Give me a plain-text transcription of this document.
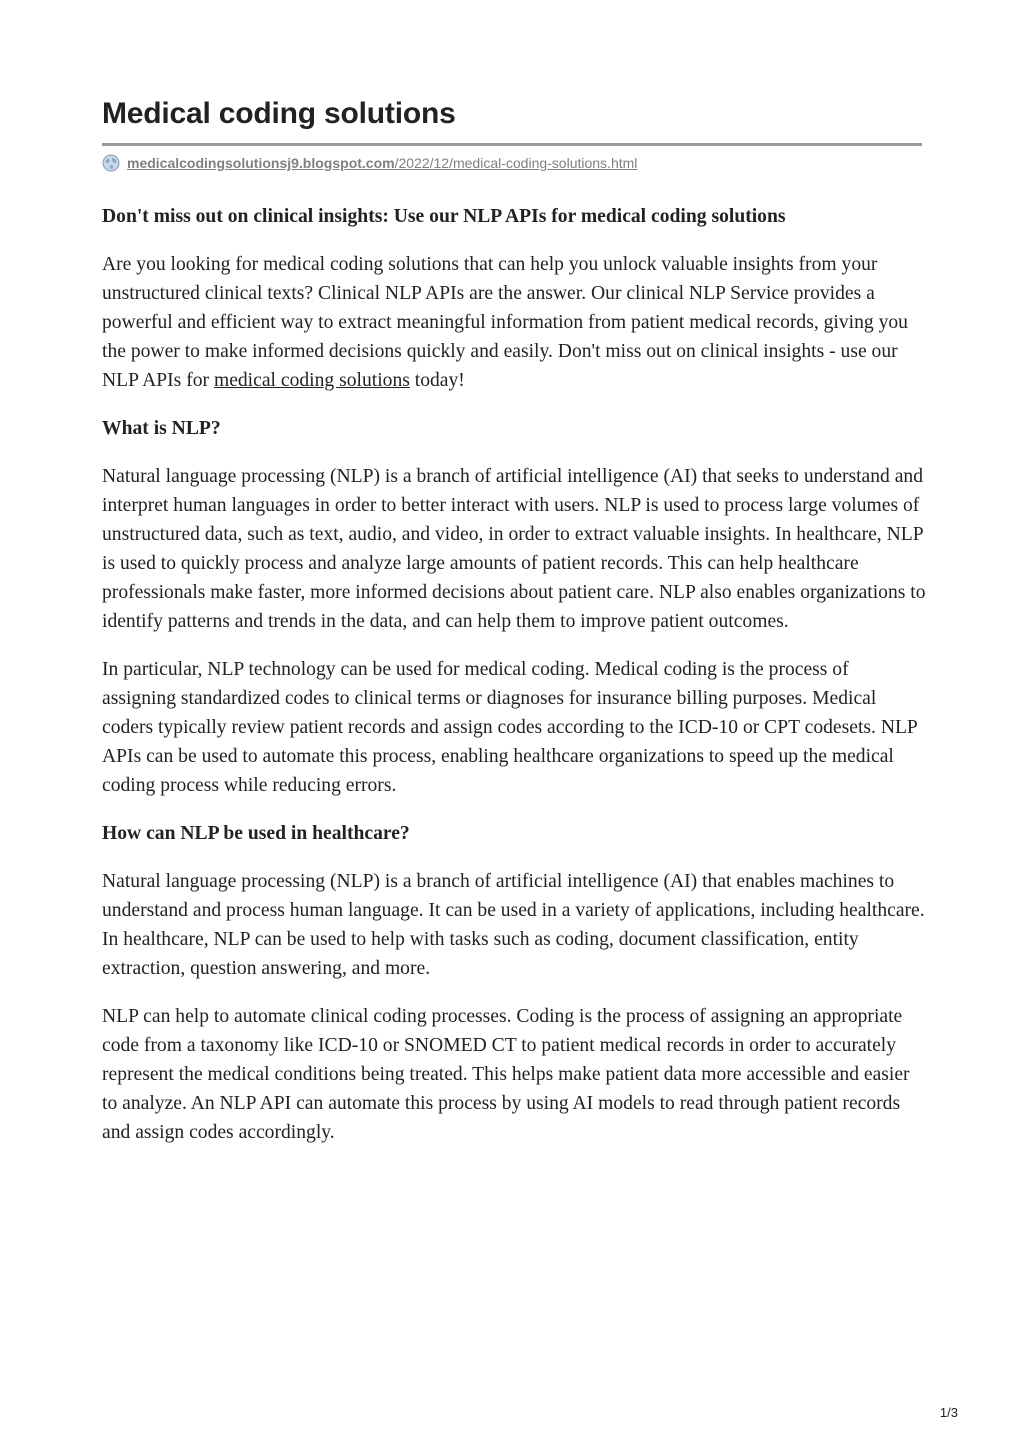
Medical coding solutions
medicalcodingsolutionsj9.blogspot.com/2022/12/medical-coding-solutions.html
Don't miss out on clinical insights: Use our NLP APIs for medical coding solutions

Are you looking for medical coding solutions that can help you unlock valuable insights from your unstructured clinical texts? Clinical NLP APIs are the answer. Our clinical NLP Service provides a powerful and efficient way to extract meaningful information from patient medical records, giving you the power to make informed decisions quickly and easily. Don't miss out on clinical insights - use our NLP APIs for medical coding solutions today!

What is NLP?

Natural language processing (NLP) is a branch of artificial intelligence (AI) that seeks to understand and interpret human languages in order to better interact with users. NLP is used to process large volumes of unstructured data, such as text, audio, and video, in order to extract valuable insights. In healthcare, NLP is used to quickly process and analyze large amounts of patient records. This can help healthcare professionals make faster, more informed decisions about patient care. NLP also enables organizations to identify patterns and trends in the data, and can help them to improve patient outcomes.

In particular, NLP technology can be used for medical coding. Medical coding is the process of assigning standardized codes to clinical terms or diagnoses for insurance billing purposes. Medical coders typically review patient records and assign codes according to the ICD-10 or CPT codesets. NLP APIs can be used to automate this process, enabling healthcare organizations to speed up the medical coding process while reducing errors.

How can NLP be used in healthcare?

Natural language processing (NLP) is a branch of artificial intelligence (AI) that enables machines to understand and process human language. It can be used in a variety of applications, including healthcare. In healthcare, NLP can be used to help with tasks such as coding, document classification, entity extraction, question answering, and more.

NLP can help to automate clinical coding processes. Coding is the process of assigning an appropriate code from a taxonomy like ICD-10 or SNOMED CT to patient medical records in order to accurately represent the medical conditions being treated. This helps make patient data more accessible and easier to analyze. An NLP API can automate this process by using AI models to read through patient records and assign codes accordingly.

1/3
